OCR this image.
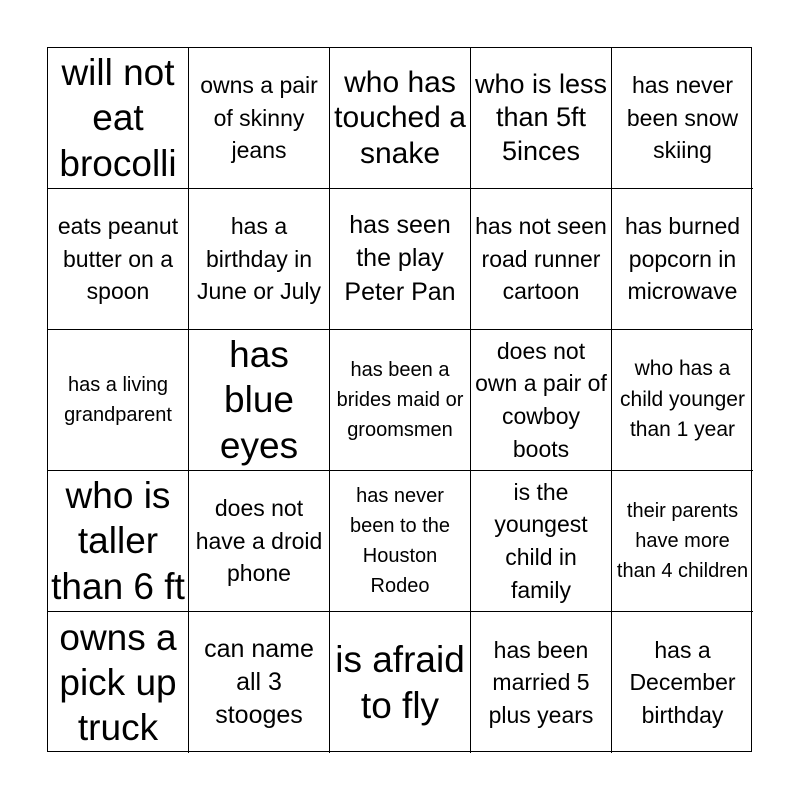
will not eat brocolli
owns a pair of skinny jeans
who has touched a snake
who is less than 5ft 5inces
has never been snow skiing
eats peanut butter on a spoon
has a birthday in June or July
has seen the play Peter Pan
has not seen road runner cartoon
has burned popcorn in microwave
has a living grandparent
has blue eyes
has been a brides maid or groomsmen
does not own a pair of cowboy boots
who has a child younger than 1 year
who is taller than 6 ft
does not have a droid phone
has never been to the Houston Rodeo
is the youngest child in family
their parents have more than 4 children
owns a pick up truck
can name all 3 stooges
is afraid to fly
has been married 5 plus years
has a December birthday
